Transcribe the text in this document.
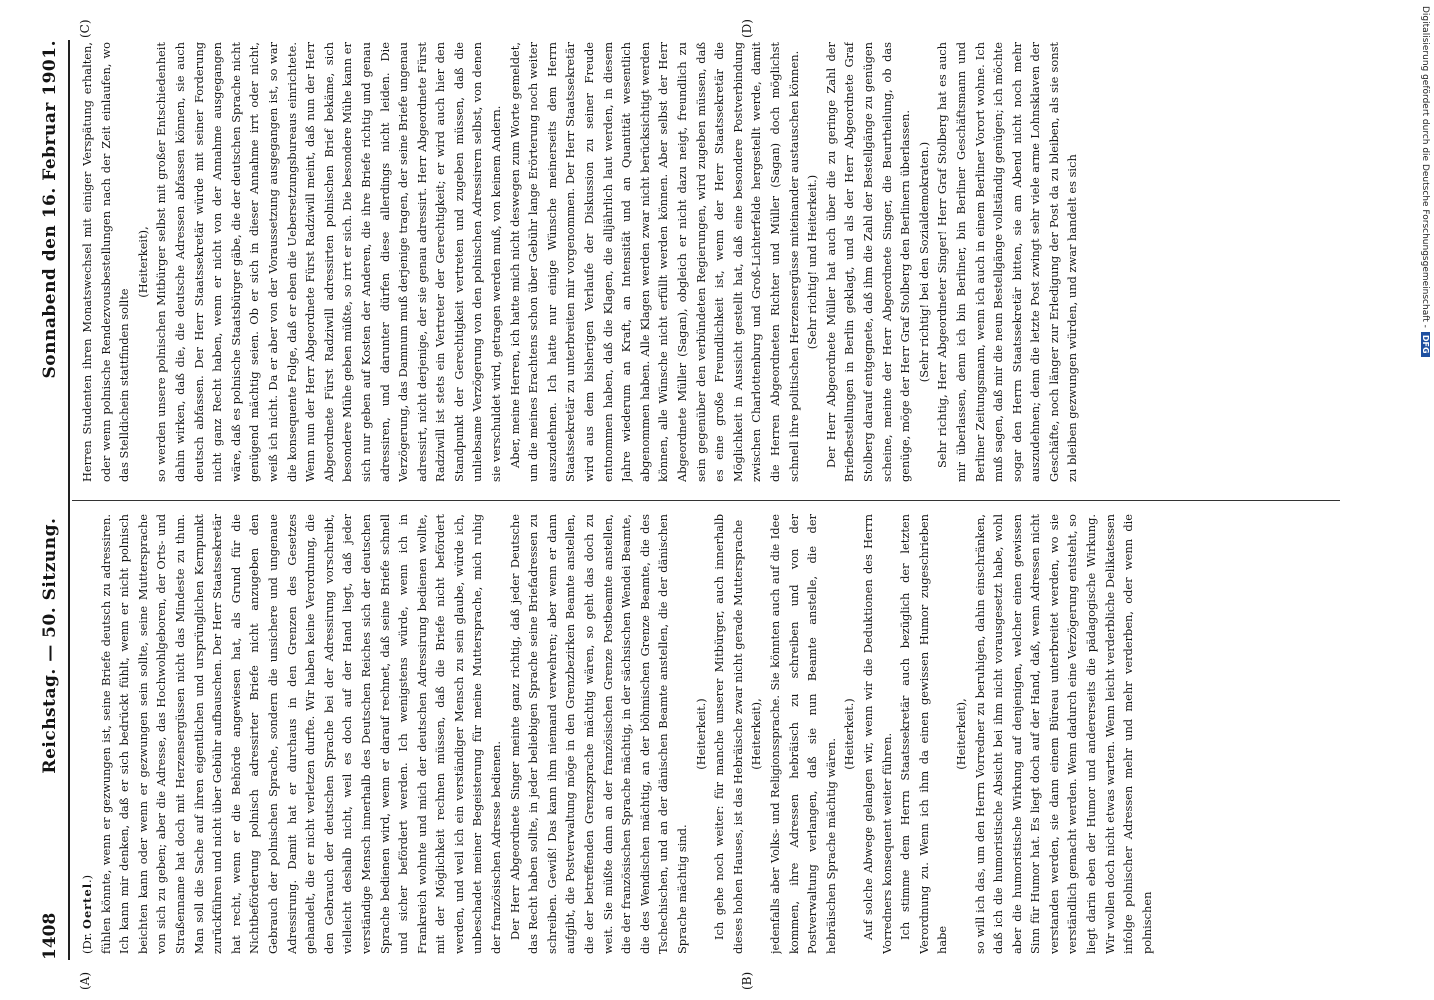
1408
Reichstag. — 50. Sitzung.
Sonnabend den 16. Februar 1901.
(A)	(B)
(C)	(D)

(Dr. Oertel.) fühlen könnte, wenn er gezwungen ist, seine Briefe deutsch zu adressiren. Ich kann mir denken, daß er sich bedrückt fühlt, wenn er nicht polnisch beichten kann oder wenn er gezwungen sein sollte, seine Muttersprache von sich zu geben; aber die Adresse, das Hochwohlgeboren, der Orts- und Straßenname hat doch mit Herzensergüssen nicht das Mindeste zu thun. Man soll die Sache auf ihren eigentlichen und ursprünglichen Kernpunkt zurückführen und nicht über Gebühr aufbauschen. Der Herr Staatssekretär hat recht, wenn er die Behörde angewiesen hat, als Grund für die Nichtbeförderung polnisch adressirter Briefe nicht anzugeben den Gebrauch der polnischen Sprache, sondern die unsichere und ungenaue Adressirung. Damit hat er durchaus in den Grenzen des Gesetzes gehandelt, die er nicht verletzen durfte. Wir haben keine Verordnung, die den Gebrauch der deutschen Sprache bei der Adressirung vorschreibt, vielleicht deshalb nicht, weil es doch auf der Hand liegt, daß jeder verständige Mensch innerhalb des Deutschen Reiches sich der deutschen Sprache bedienen wird, wenn er darauf rechnet, daß seine Briefe schnell und sicher befördert werden. Ich wenigstens würde, wenn ich in Frankreich wohnte und mich der deutschen Adressirung bedienen wollte, mit der Möglichkeit rechnen müssen, daß die Briefe nicht befördert werden, und weil ich ein verständiger Mensch zu sein glaube, würde ich, unbeschadet meiner Begeisterung für meine Muttersprache, mich ruhig der französischen Adresse bedienen. Der Herr Abgeordnete Singer meinte ganz richtig, daß jeder Deutsche das Recht haben sollte, in jeder beliebigen Sprache seine Briefadressen zu schreiben. Gewiß! Das kann ihm niemand verwehren; aber wenn er dann aufgibt, die Postverwaltung möge in den Grenzbezirken Beamte anstellen, die der betreffenden Grenzsprache mächtig wären, so geht das doch zu weit. Sie müßte dann an der französischen Grenze Postbeamte anstellen, die der französischen Sprache mächtig, in der sächsischen Wendei Beamte, die des Wendischen mächtig, an der böhmischen Grenze Beamte, die des Tschechischen, und an der dänischen Beamte anstellen, die der dänischen Sprache mächtig sind.

(Heiterkeit.) Ich gehe noch weiter: für manche unserer Mitbürger, auch innerhalb dieses hohen Hauses, ist das Hebräische zwar nicht gerade Muttersprache (Heiterkeit), jedenfalls aber Volks- und Religionssprache. Sie könnten auch auf die Idee kommen, ihre Adressen hebräisch zu schreiben und von der Postverwaltung verlangen, daß sie nun Beamte anstelle, die der hebräischen Sprache mächtig wären.

(Heiterkeit.) Auf solche Abwege gelangen wir, wenn wir die Deduktionen des Herrn Vorredners konsequent weiter führen. Ich stimme dem Herrn Staatssekretär auch bezüglich der letzten Verordnung zu. Wenn ich ihm da einen gewissen Humor zugeschrieben habe

(Heiterkeit), so will ich das, um den Herrn Vorredner zu beruhigen, dahin einschränken, daß ich die humoristische Absicht bei ihm nicht vorausgesetzt habe, wohl aber die humoristische Wirkung auf denjenigen, welcher einen gewissen Sinn für Humor hat. Es liegt doch auf der Hand, daß, wenn Adressen nicht verstanden werden, sie dann einem Büreau unterbreitet werden, wo sie verständlich gemacht werden. Wenn dadurch eine Verzögerung entsteht, so liegt darin eben der Humor und andererseits die pädagogische Wirkung. Wir wollen doch nicht etwas warten. Wenn leicht verderbliche Delikatessen infolge polnischer Adressen mehr und mehr verderben, oder wenn die polnischen

Herren Studenten ihren Monatswechsel mit einiger Verspätung erhalten, oder wenn polnische Rendezvousbestellungen nach der Zeit einlaufen, wo das Stelldichein stattfinden sollte

(Heiterkeit), so werden unsere polnischen Mitbürger selbst mit großer Entschiedenheit dahin wirken, daß die, die deutsche Adressen abfassen können, sie auch deutsch abfassen. Der Herr Staatssekretär würde mit seiner Forderung nicht ganz Recht haben, wenn er nicht von der Annahme ausgegangen wäre, daß es polnische Staatsbürger gäbe, die der deutschen Sprache nicht genügend mächtig seien. Ob er sich in dieser Annahme irrt oder nicht, weiß ich nicht. Da er aber von der Voraussetzung ausgegangen ist, so war die konsequente Folge, daß er eben die Uebersetzungsbureaus einrichtete. Wenn nun der Herr Abgeordnete Fürst Radziwill meint, daß nun der Herr Abgeordnete Fürst Radziwill adressirten polnischen Brief bekäme, sich besondere Mühe geben müßte, so irrt er sich. Die besondere Mühe kann er sich nur geben auf Kosten der Anderen, die ihre Briefe richtig und genau adressiren, und darunter dürfen diese allerdings nicht leiden. Die Verzögerung, das Damnum muß derjenige tragen, der seine Briefe ungenau adressirt, nicht derjenige, der sie genau adressirt. Herr Abgeordnete Fürst Radziwill ist stets ein Vertreter der Gerechtigkeit; er wird auch hier den Standpunkt der Gerechtigkeit vertreten und zugeben müssen, daß die unliebsame Verzögerung von den polnischen Adressirern selbst, von denen sie verschuldet wird, getragen werden muß, von keinem Andern. Aber, meine Herren, ich hatte mich nicht deswegen zum Worte gemeldet, um die meines Erachtens schon über Gebühr lange Erörterung noch weiter auszudehnen. Ich hatte nur einige Wünsche meinerseits dem Herrn Staatssekretär zu unterbreiten mir vorgenommen. Der Herr Staatssekretär wird aus dem bisherigen Verlaufe der Diskussion zu seiner Freude entnommen haben, daß die Klagen, die alljährlich laut werden, in diesem Jahre wiederum an Kraft, an Intensität und an Quantität wesentlich abgenommen haben. Alle Klagen werden zwar nicht berücksichtigt werden können, alle Wünsche nicht erfüllt werden können. Aber selbst der Herr Abgeordnete Müller (Sagan), obgleich er nicht dazu neigt, freundlich zu sein gegenüber den verbündeten Regierungen, wird zugeben müssen, daß es eine große Freundlichkeit ist, wenn der Herr Staatssekretär die Möglichkeit in Aussicht gestellt hat, daß eine besondere Postverbindung zwischen Charlottenburg und Groß-Lichterfelde hergestellt werde, damit die Herren Abgeordneten Richter und Müller (Sagan) doch möglichst schnell ihre politischen Herzensergüsse miteinander austauschen können. (Sehr richtig! und Heiterkeit.) Der Herr Abgeordnete Müller hat auch über die zu geringe Zahl der Briefbestellungen in Berlin geklagt, und als der Herr Abgeordnete Graf Stolberg darauf entgegnete, daß ihm die Zahl der Bestellgänge zu genügen scheine, meinte der Herr Abgeordnete Singer, die Beurtheilung, ob das genüge, möge der Herr Graf Stolberg den Berlinern überlassen. (Sehr richtig! bei den Sozialdemokraten.) Sehr richtig, Herr Abgeordneter Singer! Herr Graf Stolberg hat es auch mir überlassen, denn ich bin Berliner, bin Berliner Geschäftsmann und Berliner Zeitungsmann, wenn ich auch in einem Berliner Vorort wohne. Ich muß sagen, daß mir die neun Bestellgänge vollständig genügen; ich möchte sogar den Herrn Staatssekretär bitten, sie am Abend nicht noch mehr auszudehnen; denn die letzte Post zwingt sehr viele arme Lohnsklaven der Geschäfte, noch länger zur Erledigung der Post da zu bleiben, als sie sonst zu bleiben gezwungen würden, und zwar handelt es sich	Digitalisierung gefördert durch die Deutsche Forschungsgemeinschaft -DFG
